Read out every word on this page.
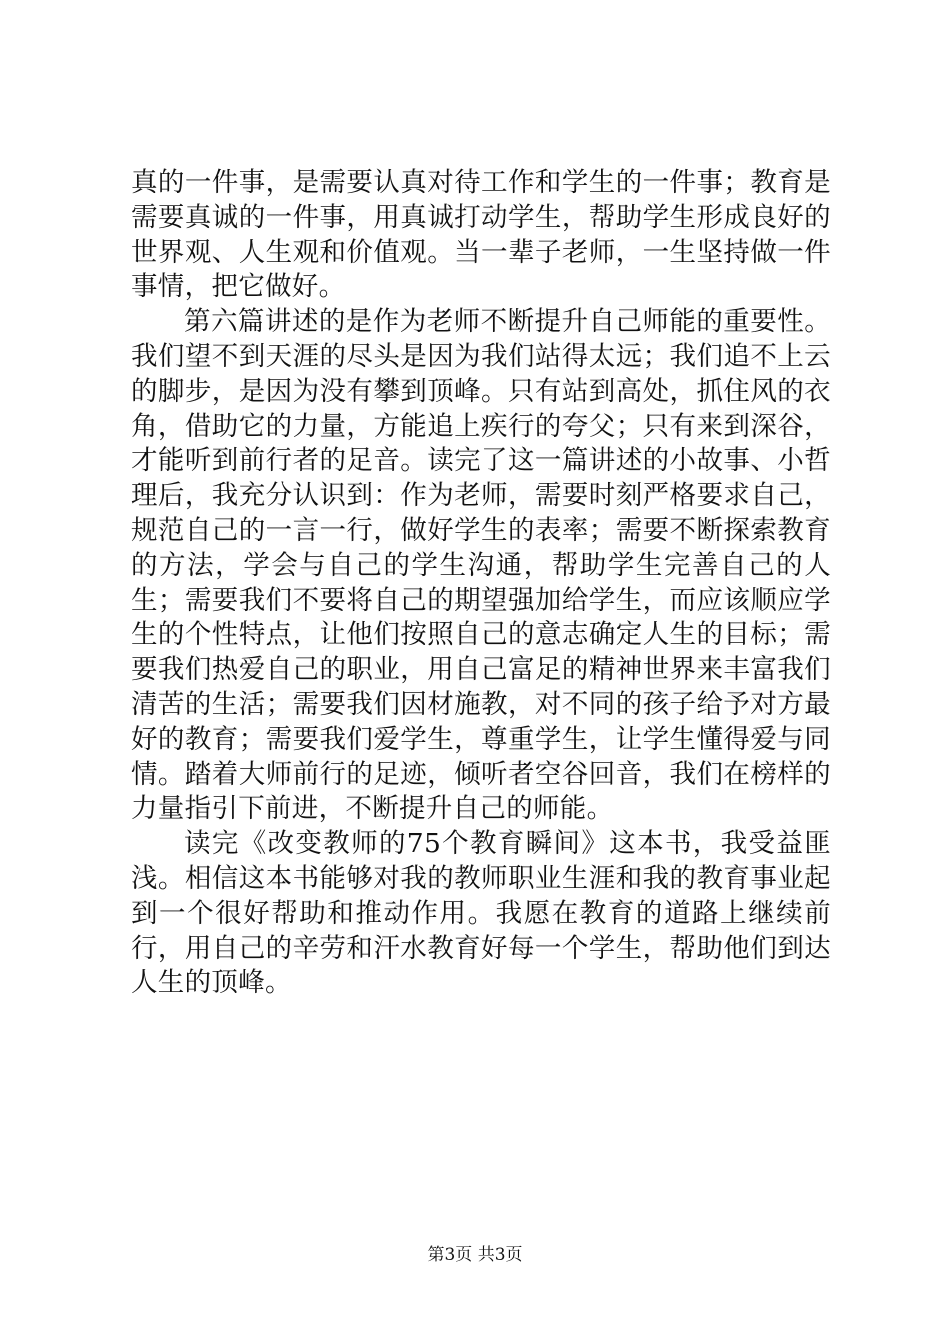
真的一件事，是需要认真对待工作和学生的一件事；教育是需要真诚的一件事，用真诚打动学生，帮助学生形成良好的世界观、人生观和价值观。当一辈子老师，一生坚持做一件事情，把它做好。

第六篇讲述的是作为老师不断提升自己师能的重要性。我们望不到天涯的尽头是因为我们站得太远；我们追不上云的脚步，是因为没有攀到顶峰。只有站到高处，抓住风的衣角，借助它的力量，方能追上疾行的夸父；只有来到深谷，才能听到前行者的足音。读完了这一篇讲述的小故事、小哲理后，我充分认识到：作为老师，需要时刻严格要求自己，规范自己的一言一行，做好学生的表率；需要不断探索教育的方法，学会与自己的学生沟通，帮助学生完善自己的人生；需要我们不要将自己的期望强加给学生，而应该顺应学生的个性特点，让他们按照自己的意志确定人生的目标；需要我们热爱自己的职业，用自己富足的精神世界来丰富我们清苦的生活；需要我们因材施教，对不同的孩子给予对方最好的教育；需要我们爱学生，尊重学生，让学生懂得爱与同情。踏着大师前行的足迹，倾听者空谷回音，我们在榜样的力量指引下前进，不断提升自己的师能。

读完《改变教师的75个教育瞬间》这本书，我受益匪浅。相信这本书能够对我的教师职业生涯和我的教育事业起到一个很好帮助和推动作用。我愿在教育的道路上继续前行，用自己的辛劳和汗水教育好每一个学生，帮助他们到达人生的顶峰。

第3页 共3页
